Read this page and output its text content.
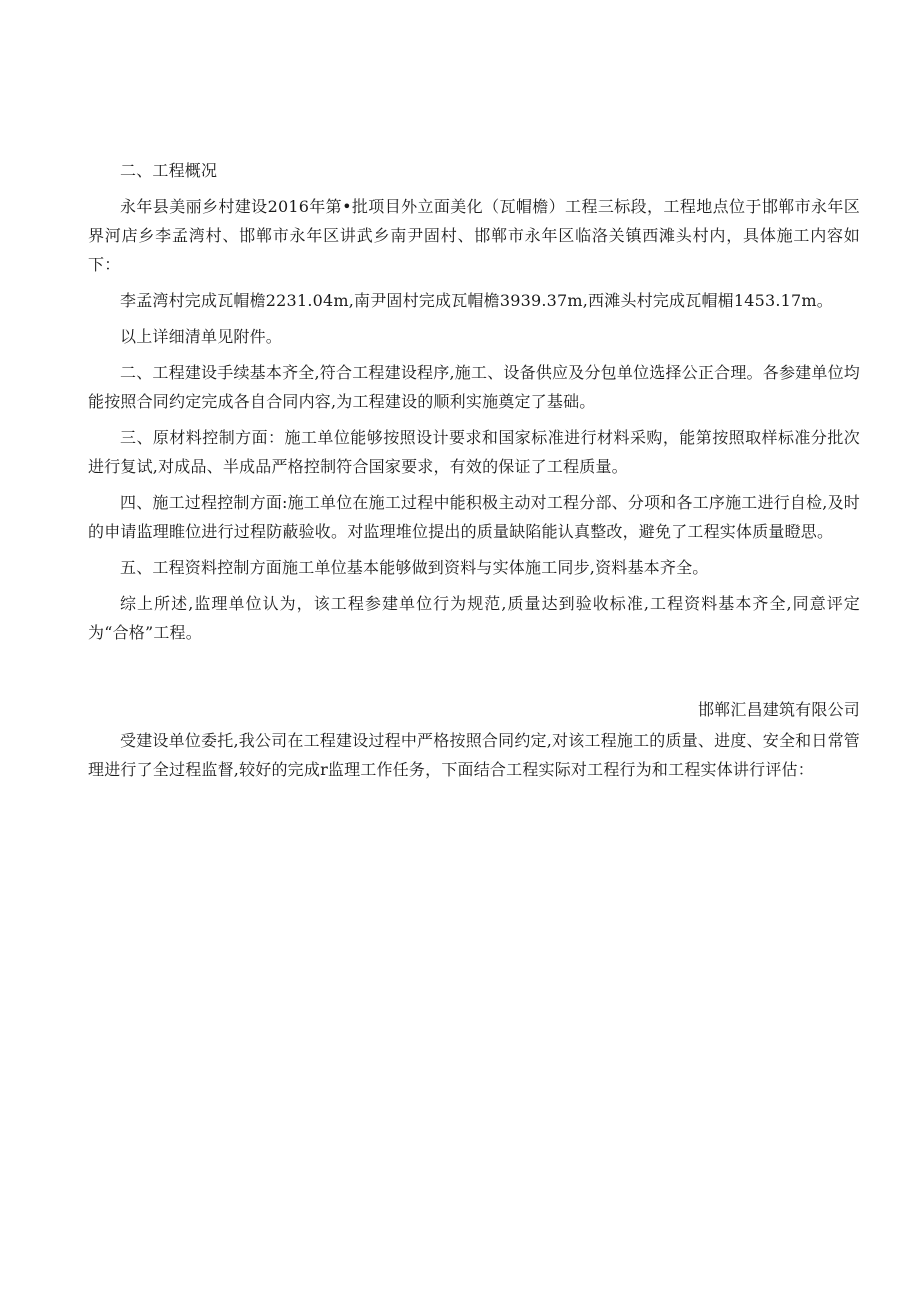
二、工程概况

永年县美丽乡村建设2016年第•批项目外立面美化（瓦帽檐）工程三标段，工程地点位于邯郸市永年区界河店乡李孟湾村、邯郸市永年区讲武乡南尹固村、邯郸市永年区临洛关镇西滩头村内，具体施工内容如下：

李孟湾村完成瓦帽檐2231.04m,南尹固村完成瓦帽檐3939.37m,西滩头村完成瓦帽楣1453.17m。

以上详细清单见附件。

二、工程建设手续基本齐全,符合工程建设程序,施工、设备供应及分包单位选择公正合理。各参建单位均能按照合同约定完成各自合同内容,为工程建设的顺利实施奠定了基础。

三、原材料控制方面：施工单位能够按照设计要求和国家标准进行材料采购，能第按照取样标准分批次进行复试,对成品、半成品严格控制符合国家要求，有效的保证了工程质量。

四、施工过程控制方面:施工单位在施工过程中能积极主动对工程分部、分项和各工序施工进行自检,及时的申请监理睢位进行过程防蔽验收。对监理堆位提出的质量缺陷能认真整改，避免了工程实体质量瞪思。

五、工程资料控制方面施工单位基本能够做到资料与实体施工同步,资料基本齐全。

综上所述,监理单位认为，该工程参建单位行为规范,质量达到验收标准,工程资料基本齐全,同意评定为“合格”工程。

邯郸汇昌建筑有限公司

受建设单位委托,我公司在工程建设过程中严格按照合同约定,对该工程施工的质量、进度、安全和日常管理进行了全过程监督,较好的完成r监理工作任务，下面结合工程实际对工程行为和工程实体讲行评估：
